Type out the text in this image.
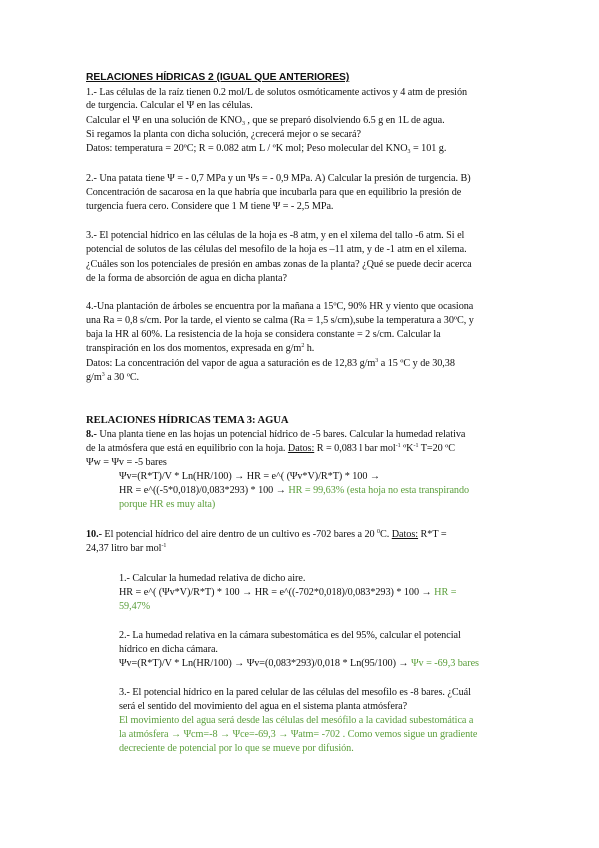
RELACIONES HÍDRICAS 2 (IGUAL QUE ANTERIORES)
1.- Las células de la raíz tienen 0.2 mol/L de solutos osmóticamente activos y 4 atm de presión
de turgencia. Calcular el Ψ en las células.
Calcular el Ψ en una solución de $KNO_3$ , que se preparó disolviendo 6.5 g en 1L de agua.
Si regamos la planta con dicha solución, ¿crecerá mejor o se secará?
Datos: temperatura = 20ºC; R = 0.082 atm L / ºK mol; Peso molecular del $KNO_3 = 101$ g.
2.- Una patata tiene Ψ = - 0,7 MPa y un Ψs = - 0,9 MPa. A) Calcular la presión de turgencia. B)
Concentración de sacarosa en la que habría que incubarla para que en equilibrio la presión de
turgencia fuera cero. Considere que 1 M tiene Ψ = - 2,5 MPa.
3.- El potencial hídrico en las células de la hoja es -8 atm, y en el xilema del tallo -6 atm. Si el
potencial de solutos de las células del mesofilo de la hoja es –11 atm, y de -1 atm en el xilema.
¿Cuáles son los potenciales de presión en ambas zonas de la planta? ¿Qué se puede decir acerca
de la forma de absorción de agua en dicha planta?
4.-Una plantación de árboles se encuentra por la mañana a 15ºC, 90% HR y viento que ocasiona
una Ra = 0,8 s/cm. Por la tarde, el viento se calma (Ra = 1,5 s/cm),sube la temperatura a 30ºC, y
baja la HR al 60%. La resistencia de la hoja se considera constante = 2 s/cm. Calcular la
transpiración en los dos momentos, expresada en $g/m^2$ h.
Datos: La concentración del vapor de agua a saturación es de 12,83 $g/m^3$ a 15 ºC y de 30,38
$g/m^3$ a 30 ºC.
RELACIONES HÍDRICAS TEMA 3: AGUA
8.- Una planta tiene en las hojas un potencial hídrico de -5 bares. Calcular la humedad relativa
de la atmósfera que está en equilibrio con la hoja. Datos: R = 0,083 l bar mol$^{-1}$ ºK$^{-1}$ T=20 ºC
Ψw = Ψv = -5 bares
Ψv=(R*T)/V * Ln(HR/100) → HR = e^( (Ψv*V)/R*T) * 100 →
HR = e^((-5*0,018)/0,083*293) * 100 → HR = 99,63% (esta hoja no esta transpirando
porque HR es muy alta)
10.- El potencial hídrico del aire dentro de un cultivo es -702 bares a 20 $^0$C. Datos: R*T =
24,37 litro bar mol$^{-1}$
1.- Calcular la humedad relativa de dicho aire.
HR = e^( (Ψv*V)/R*T) * 100 → HR = e^((-702*0,018)/0,083*293) * 100 → HR =
59,47%
2.- La humedad relativa en la cámara subestomática es del 95%, calcular el potencial
hídrico en dicha cámara.
Ψv=(R*T)/V * Ln(HR/100) → Ψv=(0,083*293)/0,018 * Ln(95/100) → Ψv = -69,3 bares
3.- El potencial hídrico en la pared celular de las células del mesofilo es -8 bares. ¿Cuál
será el sentido del movimiento del agua en el sistema planta atmósfera?
El movimiento del agua será desde las células del mesófilo a la cavidad subestomática a
la atmósfera → Ψcm=-8 → Ψce=-69,3 → Ψatm= -702 . Como vemos sigue un gradiente
decreciente de potencial por lo que se mueve por difusión.
